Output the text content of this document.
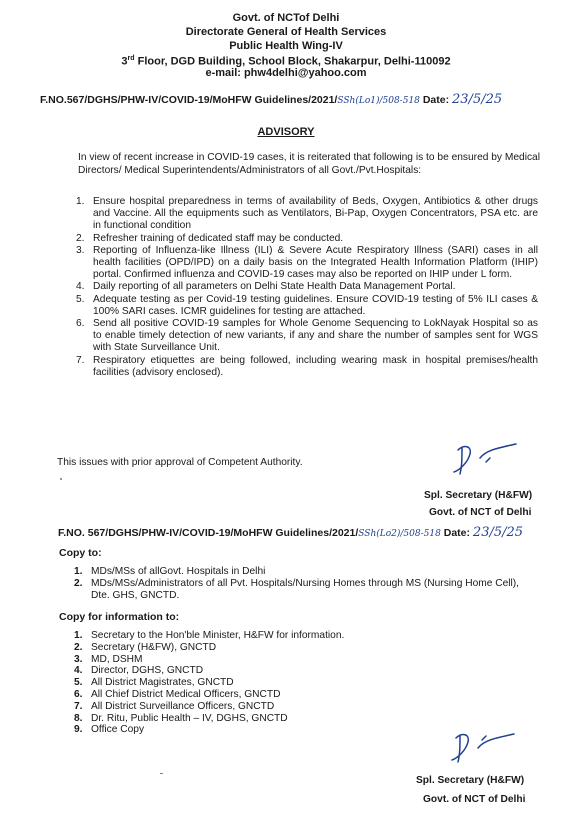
Govt. of NCTof Delhi
Directorate General of Health Services
Public Health Wing-IV
3rd Floor, DGD Building, School Block, Shakarpur, Delhi-110092
e-mail: phw4delhi@yahoo.com
F.NO.567/DGHS/PHW-IV/COVID-19/MoHFW Guidelines/2021/SSh(Lo1)/508-518 Date: 23/5/25
ADVISORY
In view of recent increase in COVID-19 cases, it is reiterated that following is to be ensured by Medical Directors/ Medical Superintendents/Administrators of all Govt./Pvt.Hospitals:
1. Ensure hospital preparedness in terms of availability of Beds, Oxygen, Antibiotics & other drugs and Vaccine. All the equipments such as Ventilators, Bi-Pap, Oxygen Concentrators, PSA etc. are in functional condition
2. Refresher training of dedicated staff may be conducted.
3. Reporting of Influenza-like Illness (ILI) & Severe Acute Respiratory Illness (SARI) cases in all health facilities (OPD/IPD) on a daily basis on the Integrated Health Information Platform (IHIP) portal. Confirmed influenza and COVID-19 cases may also be reported on IHIP under L form.
4. Daily reporting of all parameters on Delhi State Health Data Management Portal.
5. Adequate testing as per Covid-19 testing guidelines. Ensure COVID-19 testing of 5% ILI cases & 100% SARI cases. ICMR guidelines for testing are attached.
6. Send all positive COVID-19 samples for Whole Genome Sequencing to LokNayak Hospital so as to enable timely detection of new variants, if any and share the number of samples sent for WGS with State Surveillance Unit.
7. Respiratory etiquettes are being followed, including wearing mask in hospital premises/health facilities (advisory enclosed).
This issues with prior approval of Competent Authority.
Spl. Secretary (H&FW)
Govt. of NCT of Delhi
F.NO. 567/DGHS/PHW-IV/COVID-19/MoHFW Guidelines/2021/SSh(Lo2)/508-518 Date: 23/5/25
Copy to:
1. MDs/MSs of allGovt. Hospitals in Delhi
2. MDs/MSs/Administrators of all Pvt. Hospitals/Nursing Homes through MS (Nursing Home Cell), Dte. GHS, GNCTD.
Copy for information to:
1. Secretary to the Hon'ble Minister, H&FW for information.
2. Secretary (H&FW), GNCTD
3. MD, DSHM
4. Director, DGHS, GNCTD
5. All District Magistrates, GNCTD
6. All Chief District Medical Officers, GNCTD
7. All District Surveillance Officers, GNCTD
8. Dr. Ritu, Public Health – IV, DGHS, GNCTD
9. Office Copy
Spl. Secretary (H&FW)
Govt. of NCT of Delhi
